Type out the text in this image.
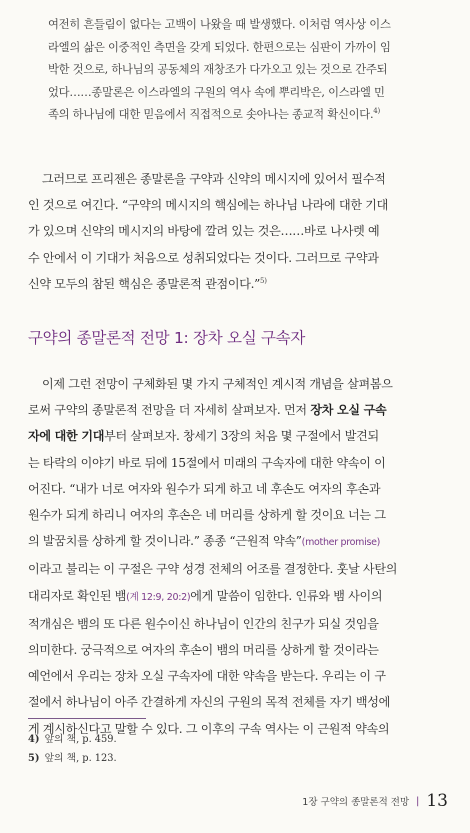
여전히 흔들림이 없다는 고백이 나왔을 때 발생했다. 이처럼 역사상 이스
라엘의 삶은 이중적인 측면을 갖게 되었다. 한편으로는 심판이 가까이 임
박한 것으로, 하나님의 공동체의 재창조가 다가오고 있는 것으로 간주되
었다……종말론은 이스라엘의 구원의 역사 속에 뿌리박은, 이스라엘 민
족의 하나님에 대한 믿음에서 직접적으로 솟아나는 종교적 확신이다.$^{4)}$
그러므로 프리젠은 종말론을 구약과 신약의 메시지에 있어서 필수적
인 것으로 여긴다. “구약의 메시지의 핵심에는 하나님 나라에 대한 기대
가 있으며 신약의 메시지의 바탕에 깔려 있는 것은……바로 나사렛 예
수 안에서 이 기대가 처음으로 성취되었다는 것이다. 그러므로 구약과
신약 모두의 참된 핵심은 종말론적 관점이다.”$^{5)}$
구약의 종말론적 전망 1: 장차 오실 구속자
이제 그런 전망이 구체화된 몇 가지 구체적인 계시적 개념을 살펴봄으
로써 구약의 종말론적 전망을 더 자세히 살펴보자. 먼저 장차 오실 구속
자에 대한 기대부터 살펴보자. 창세기 3장의 처음 몇 구절에서 발견되
는 타락의 이야기 바로 뒤에 15절에서 미래의 구속자에 대한 약속이 이
어진다. “내가 너로 여자와 원수가 되게 하고 네 후손도 여자의 후손과
원수가 되게 하리니 여자의 후손은 네 머리를 상하게 할 것이요 너는 그
의 발꿈치를 상하게 할 것이니라.” 종종 “근원적 약속”(mother promise)
이라고 불리는 이 구절은 구약 성경 전체의 어조를 결정한다. 훗날 사탄의
대리자로 확인된 뱀(계 12:9, 20:2)에게 말씀이 임한다. 인류와 뱀 사이의
적개심은 뱀의 또 다른 원수이신 하나님이 인간의 친구가 되실 것임을
의미한다. 궁극적으로 여자의 후손이 뱀의 머리를 상하게 할 것이라는
예언에서 우리는 장차 오실 구속자에 대한 약속을 받는다. 우리는 이 구
절에서 하나님이 아주 간결하게 자신의 구원의 목적 전체를 자기 백성에
게 계시하신다고 말할 수 있다. 그 이후의 구속 역사는 이 근원적 약속의
4) 앞의 책, p. 459.
5) 앞의 책, p. 123.
1장 구약의 종말론적 전망 | 13
